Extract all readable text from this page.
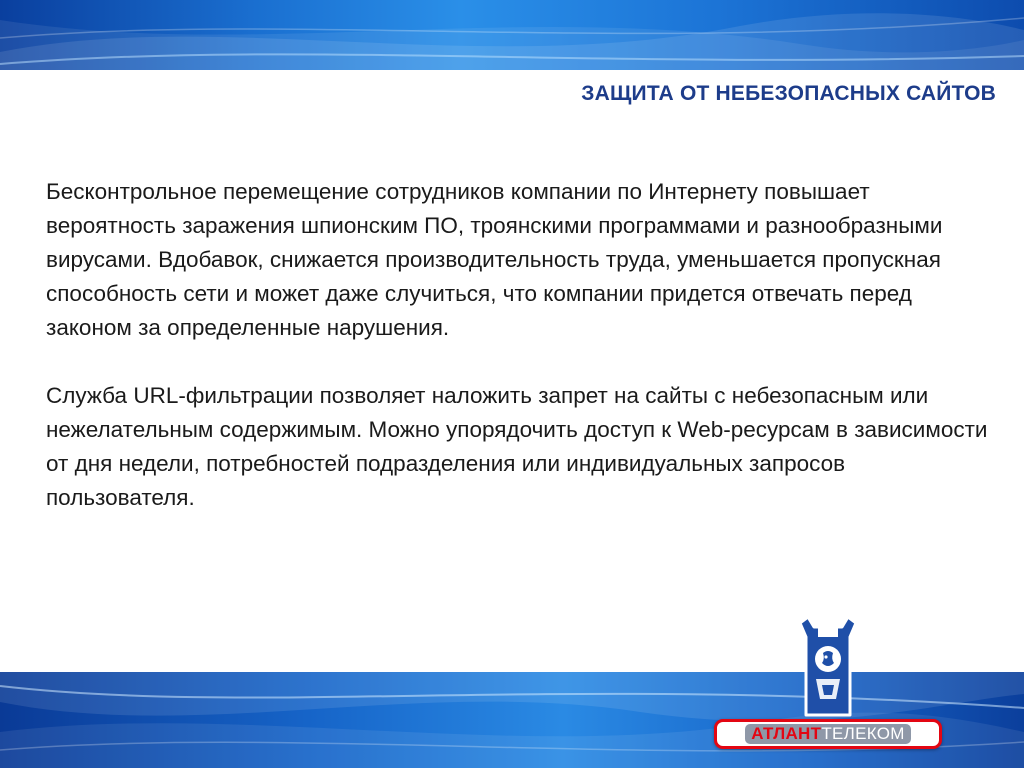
ЗАЩИТА ОТ НЕБЕЗОПАСНЫХ САЙТОВ

Бесконтрольное перемещение сотрудников компании по Интернету повышает вероятность заражения шпионским ПО, троянскими программами и разнообразными вирусами. Вдобавок, снижается производительность труда, уменьшается пропускная способность сети и может даже случиться, что компании придется отвечать перед законом за определенные нарушения.

Служба URL-фильтрации позволяет наложить запрет на сайты с небезопасным или нежелательным содержимым. Можно упорядочить доступ к Web-ресурсам в зависимости от дня недели, потребностей подразделения или индивидуальных запросов пользователя.

АТЛАНТ ТЕЛЕКОМ
